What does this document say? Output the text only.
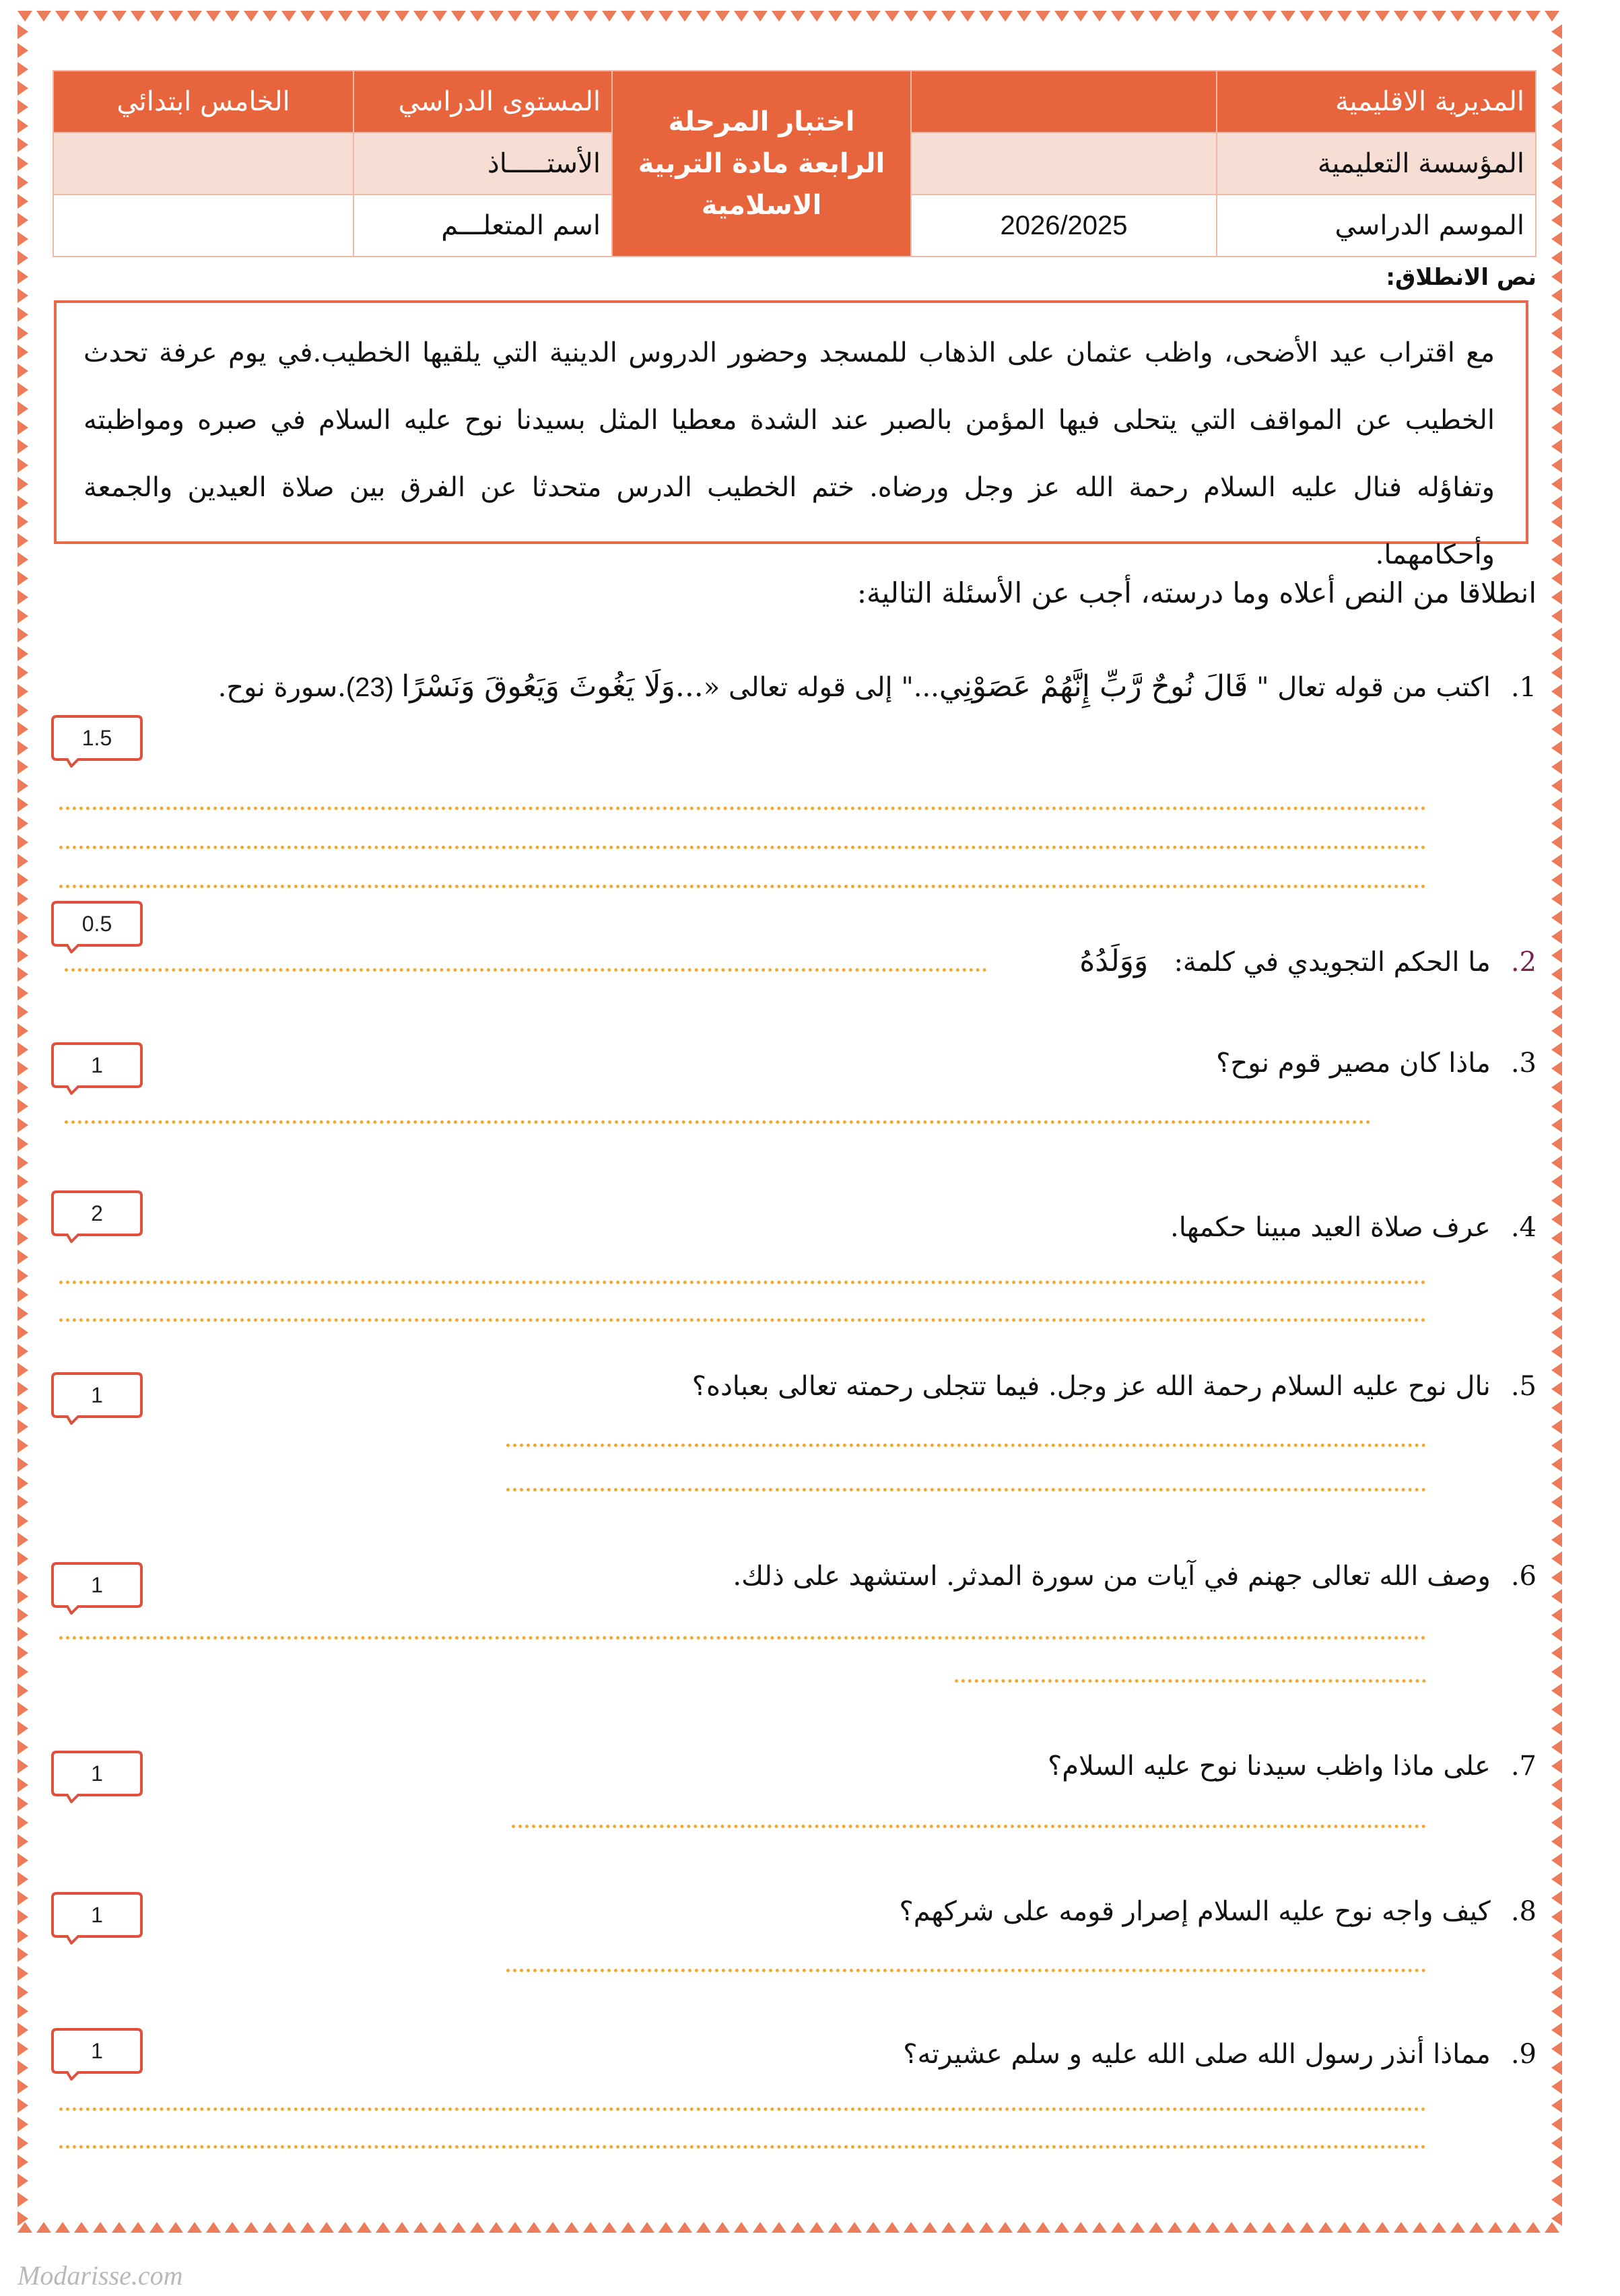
المديرية الاقليمية		اختبار المرحلة الرابعة مادة التربية الاسلامية	المستوى الدراسي	الخامس ابتدائي
المؤسسة التعليمية			الأستـــــاذ	
الموسم الدراسي	2026/2025		اسم المتعلـــم	
نص الانطلاق:
مع اقتراب عيد الأضحى، واظب عثمان على الذهاب للمسجد وحضور الدروس الدينية التي يلقيها الخطيب.في يوم عرفة تحدث الخطيب عن المواقف التي يتحلى فيها المؤمن بالصبر عند الشدة معطيا المثل بسيدنا نوح عليه السلام في صبره ومواظبته وتفاؤله فنال عليه السلام رحمة الله عز وجل ورضاه. ختم الخطيب الدرس متحدثا عن الفرق بين صلاة العيدين والجمعة وأحكامهما.
انطلاقا من النص أعلاه وما درسته، أجب عن الأسئلة التالية:
1.اكتب من قوله تعال " قَالَ نُوحٌ رَّبِّ إِنَّهُمْ عَصَوْنِي..." إلى قوله تعالى «...وَلَا يَغُوثَ وَيَعُوقَ وَنَسْرًا (23).سورة نوح.
1.5
0.5
2.ما الحكم التجويدي في كلمة:   وَوَلَدُهُ
1	3.ماذا كان مصير قوم نوح؟
2	4.عرف صلاة العيد مبينا حكمها.
1	5.نال نوح عليه السلام رحمة الله عز وجل. فيما تتجلى رحمته تعالى بعباده؟
1	6.وصف الله تعالى جهنم في آيات من سورة المدثر. استشهد على ذلك.
1	7.على ماذا واظب سيدنا نوح عليه السلام؟
1	8.كيف واجه نوح عليه السلام إصرار قومه على شركهم؟
1	9.مماذا أنذر رسول الله صلى الله عليه و سلم عشيرته؟
Modarisse.com
